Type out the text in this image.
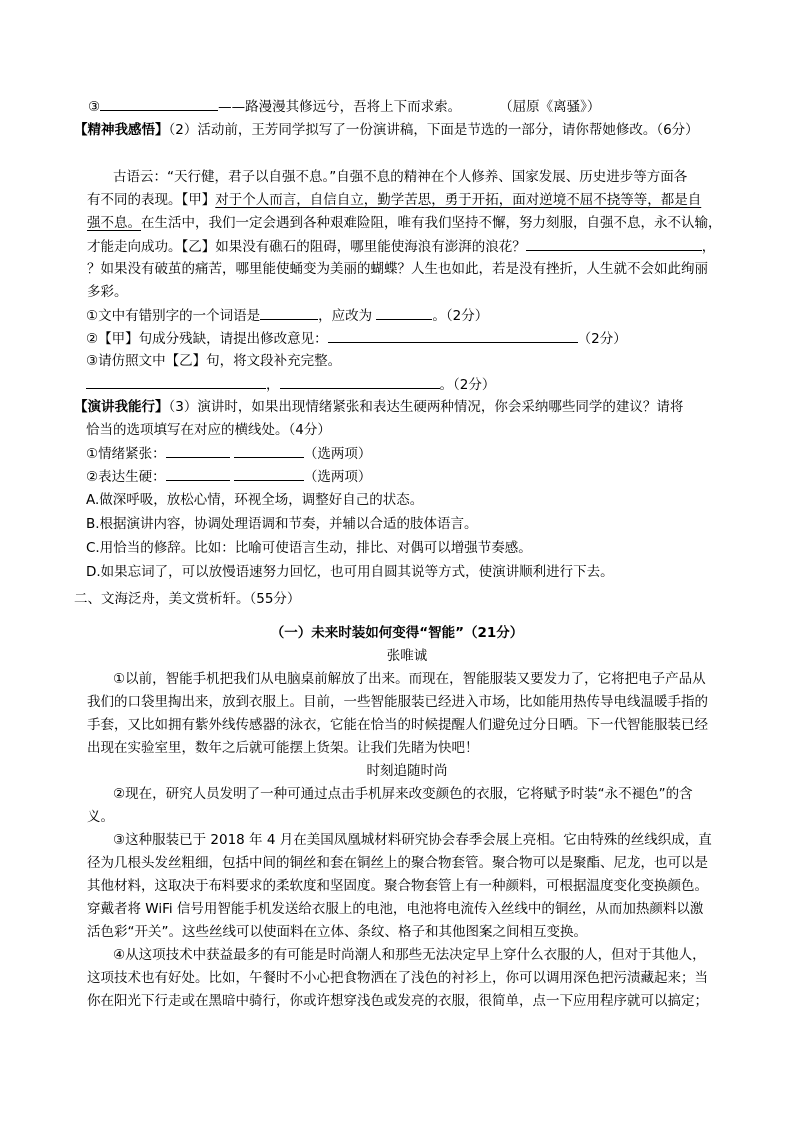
③	——路漫漫其修远兮，吾将上下而求索。	（屈原《离骚》）
【精神我感悟】（2）活动前，王芳同学拟写了一份演讲稿，下面是节选的一部分，请你帮她修改。（6分）
古语云：“天行健，君子以自强不息。”自强不息的精神在个人修养、国家发展、历史进步等方面各
有不同的表现。【甲】对于个人而言，自信自立，勤学苦思，勇于开拓，面对逆境不屈不挠等等，都是自
强不息。在生活中，我们一定会遇到各种艰难险阻，唯有我们坚持不懈，努力刻服，自强不息，永不认输，
才能走向成功。【乙】如果没有礁石的阻碍，哪里能使海浪有澎湃的浪花？	，
？如果没有破茧的痛苦，哪里能使蛹变为美丽的蝴蝶？人生也如此，若是没有挫折，人生就不会如此绚丽
多彩。
①文中有错别字的一个词语是	，应改为	。（2分）
②【甲】句成分残缺，请提出修改意见：	（2分）
③请仿照文中【乙】句，将文段补充完整。
，	。（2分）
【演讲我能行】（3）演讲时，如果出现情绪紧张和表达生硬两种情况，你会采纳哪些同学的建议？请将
恰当的选项填写在对应的横线处。（4分）
①情绪紧张：	（选两项）
②表达生硬：	（选两项）
A.做深呼吸，放松心情，环视全场，调整好自己的状态。
B.根据演讲内容，协调处理语调和节奏，并辅以合适的肢体语言。
C.用恰当的修辞。比如：比喻可使语言生动，排比、对偶可以增强节奏感。
D.如果忘词了，可以放慢语速努力回忆，也可用自圆其说等方式，使演讲顺利进行下去。
二、文海泛舟，美文赏析轩。（55分）
（一）未来时装如何变得“智能”（21分）
张唯诚
①以前，智能手机把我们从电脑桌前解放了出来。而现在，智能服装又要发力了，它将把电子产品从
我们的口袋里掏出来，放到衣服上。目前，一些智能服装已经进入市场，比如能用热传导电线温暖手指的
手套，又比如拥有紫外线传感器的泳衣，它能在恰当的时候提醒人们避免过分日晒。下一代智能服装已经
出现在实验室里，数年之后就可能摆上货架。让我们先睹为快吧！
时刻追随时尚
②现在，研究人员发明了一种可通过点击手机屏来改变颜色的衣服，它将赋予时装“永不褪色”的含
义。
③这种服装已于 2018 年 4 月在美国凤凰城材料研究协会春季会展上亮相。它由特殊的丝线织成，直
径为几根头发丝粗细，包括中间的铜丝和套在铜丝上的聚合物套管。聚合物可以是聚酯、尼龙，也可以是
其他材料，这取决于布料要求的柔软度和坚固度。聚合物套管上有一种颜料，可根据温度变化变换颜色。
穿戴者将 WiFi 信号用智能手机发送给衣服上的电池，电池将电流传入丝线中的铜丝，从而加热颜料以激
活色彩“开关”。这些丝线可以使面料在立体、条纹、格子和其他图案之间相互变换。
④从这项技术中获益最多的有可能是时尚潮人和那些无法决定早上穿什么衣服的人，但对于其他人，
这项技术也有好处。比如，午餐时不小心把食物洒在了浅色的衬衫上，你可以调用深色把污渍藏起来；当
你在阳光下行走或在黑暗中骑行，你或许想穿浅色或发亮的衣服，很简单，点一下应用程序就可以搞定；
